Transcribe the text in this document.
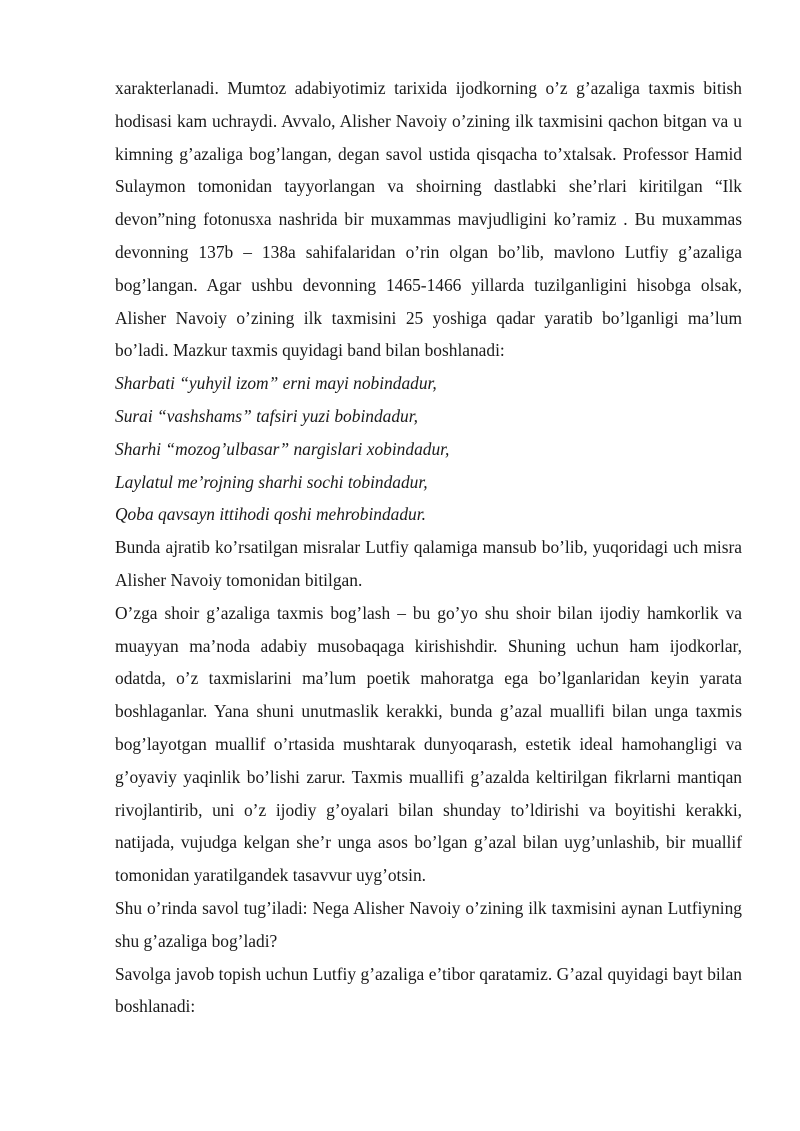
xarakterlanadi. Mumtoz adabiyotimiz tarixida ijodkorning o’z g’azaliga taxmis bitish hodisasi kam uchraydi. Avvalo, Alisher Navoiy o’zining ilk taxmisini qachon bitgan va u kimning g’azaliga bog’langan, degan savol ustida qisqacha to’xtalsak. Professor Hamid Sulaymon tomonidan tayyorlangan va shoirning dastlabki she’rlari kiritilgan “Ilk devon”ning fotonusxa nashrida bir muxammas mavjudligini ko’ramiz . Bu muxammas devonning 137b – 138a sahifalaridan o’rin olgan bo’lib, mavlono Lutfiy g’azaliga bog’langan. Agar ushbu devonning 1465-1466 yillarda tuzilganligini hisobga olsak, Alisher Navoiy o’zining ilk taxmisini 25 yoshiga qadar yaratib bo’lganligi ma’lum bo’ladi. Mazkur taxmis quyidagi band bilan boshlanadi:

Sharbati “yuhyil izom” erni mayi nobindadur,

Surai “vashshams” tafsiri yuzi bobindadur,

Sharhi “mozog’ulbasar” nargislari xobindadur,

Laylatul me’rojning sharhi sochi tobindadur,

Qoba qavsayn ittihodi qoshi mehrobindadur.

Bunda ajratib ko’rsatilgan misralar Lutfiy qalamiga mansub bo’lib, yuqoridagi uch misra Alisher Navoiy tomonidan bitilgan.

O’zga shoir g’azaliga taxmis bog’lash – bu go’yo shu shoir bilan ijodiy hamkorlik va muayyan ma’noda adabiy musobaqaga kirishishdir. Shuning uchun ham ijodkorlar, odatda, o’z taxmislarini ma’lum poetik mahoratga ega bo’lganlaridan keyin yarata boshlaganlar. Yana shuni unutmaslik kerakki, bunda g’azal muallifi bilan unga taxmis bog’layotgan muallif o’rtasida mushtarak dunyoqarash, estetik ideal hamohangligi va g’oyaviy yaqinlik bo’lishi zarur. Taxmis muallifi g’azalda keltirilgan fikrlarni mantiqan rivojlantirib, uni o’z ijodiy g’oyalari bilan shunday to’ldirishi va boyitishi kerakki, natijada, vujudga kelgan she’r unga asos bo’lgan g’azal bilan uyg’unlashib, bir muallif tomonidan yaratilgandek tasavvur uyg’otsin.

Shu o’rinda savol tug’iladi: Nega Alisher Navoiy o’zining ilk taxmisini aynan Lutfiyning shu g’azaliga bog’ladi?

Savolga javob topish uchun Lutfiy g’azaliga e’tibor qaratamiz. G’azal quyidagi bayt bilan boshlanadi:
